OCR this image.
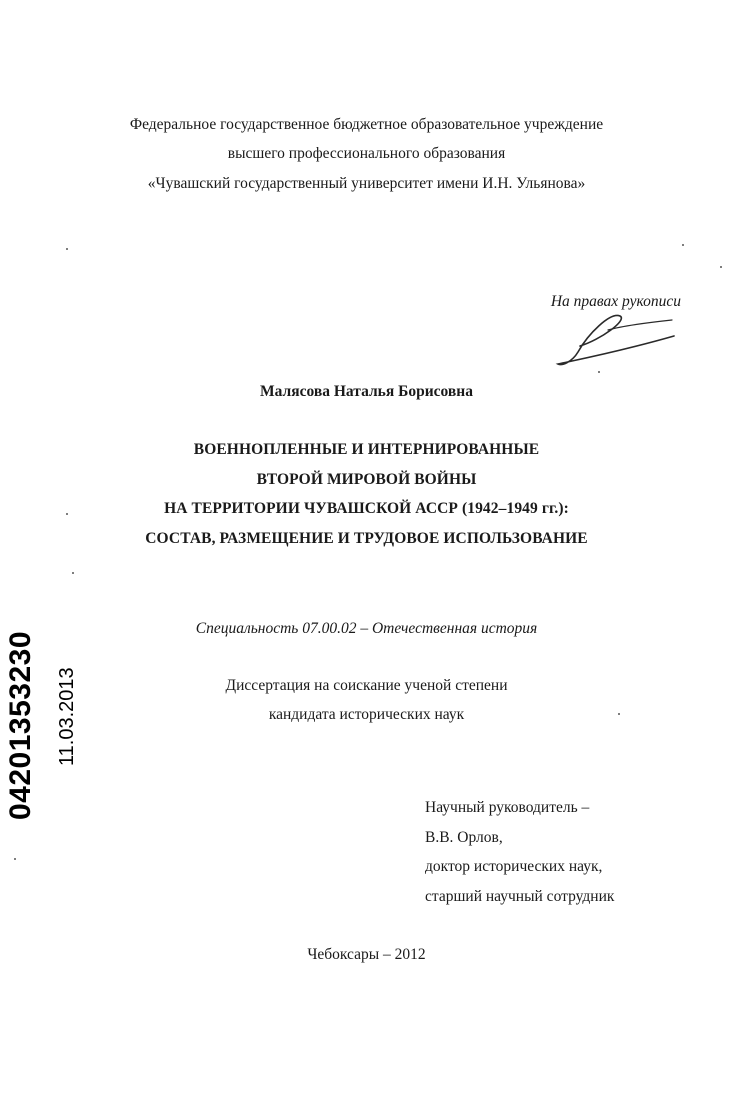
Федеральное государственное бюджетное образовательное учреждение
высшего профессионального образования
«Чувашский государственный университет имени И.Н. Ульянова»
На правах рукописи
Малясова Наталья Борисовна
ВОЕННОПЛЕННЫЕ И ИНТЕРНИРОВАННЫЕ
ВТОРОЙ МИРОВОЙ ВОЙНЫ
НА ТЕРРИТОРИИ ЧУВАШСКОЙ АССР (1942–1949 гг.):
СОСТАВ, РАЗМЕЩЕНИЕ И ТРУДОВОЕ ИСПОЛЬЗОВАНИЕ
Специальность 07.00.02 – Отечественная история
Диссертация на соискание ученой степени
кандидата исторических наук
Научный руководитель –
В.В. Орлов,
доктор исторических наук,
старший научный сотрудник
Чебоксары – 2012
04201353230 11.03.2013
